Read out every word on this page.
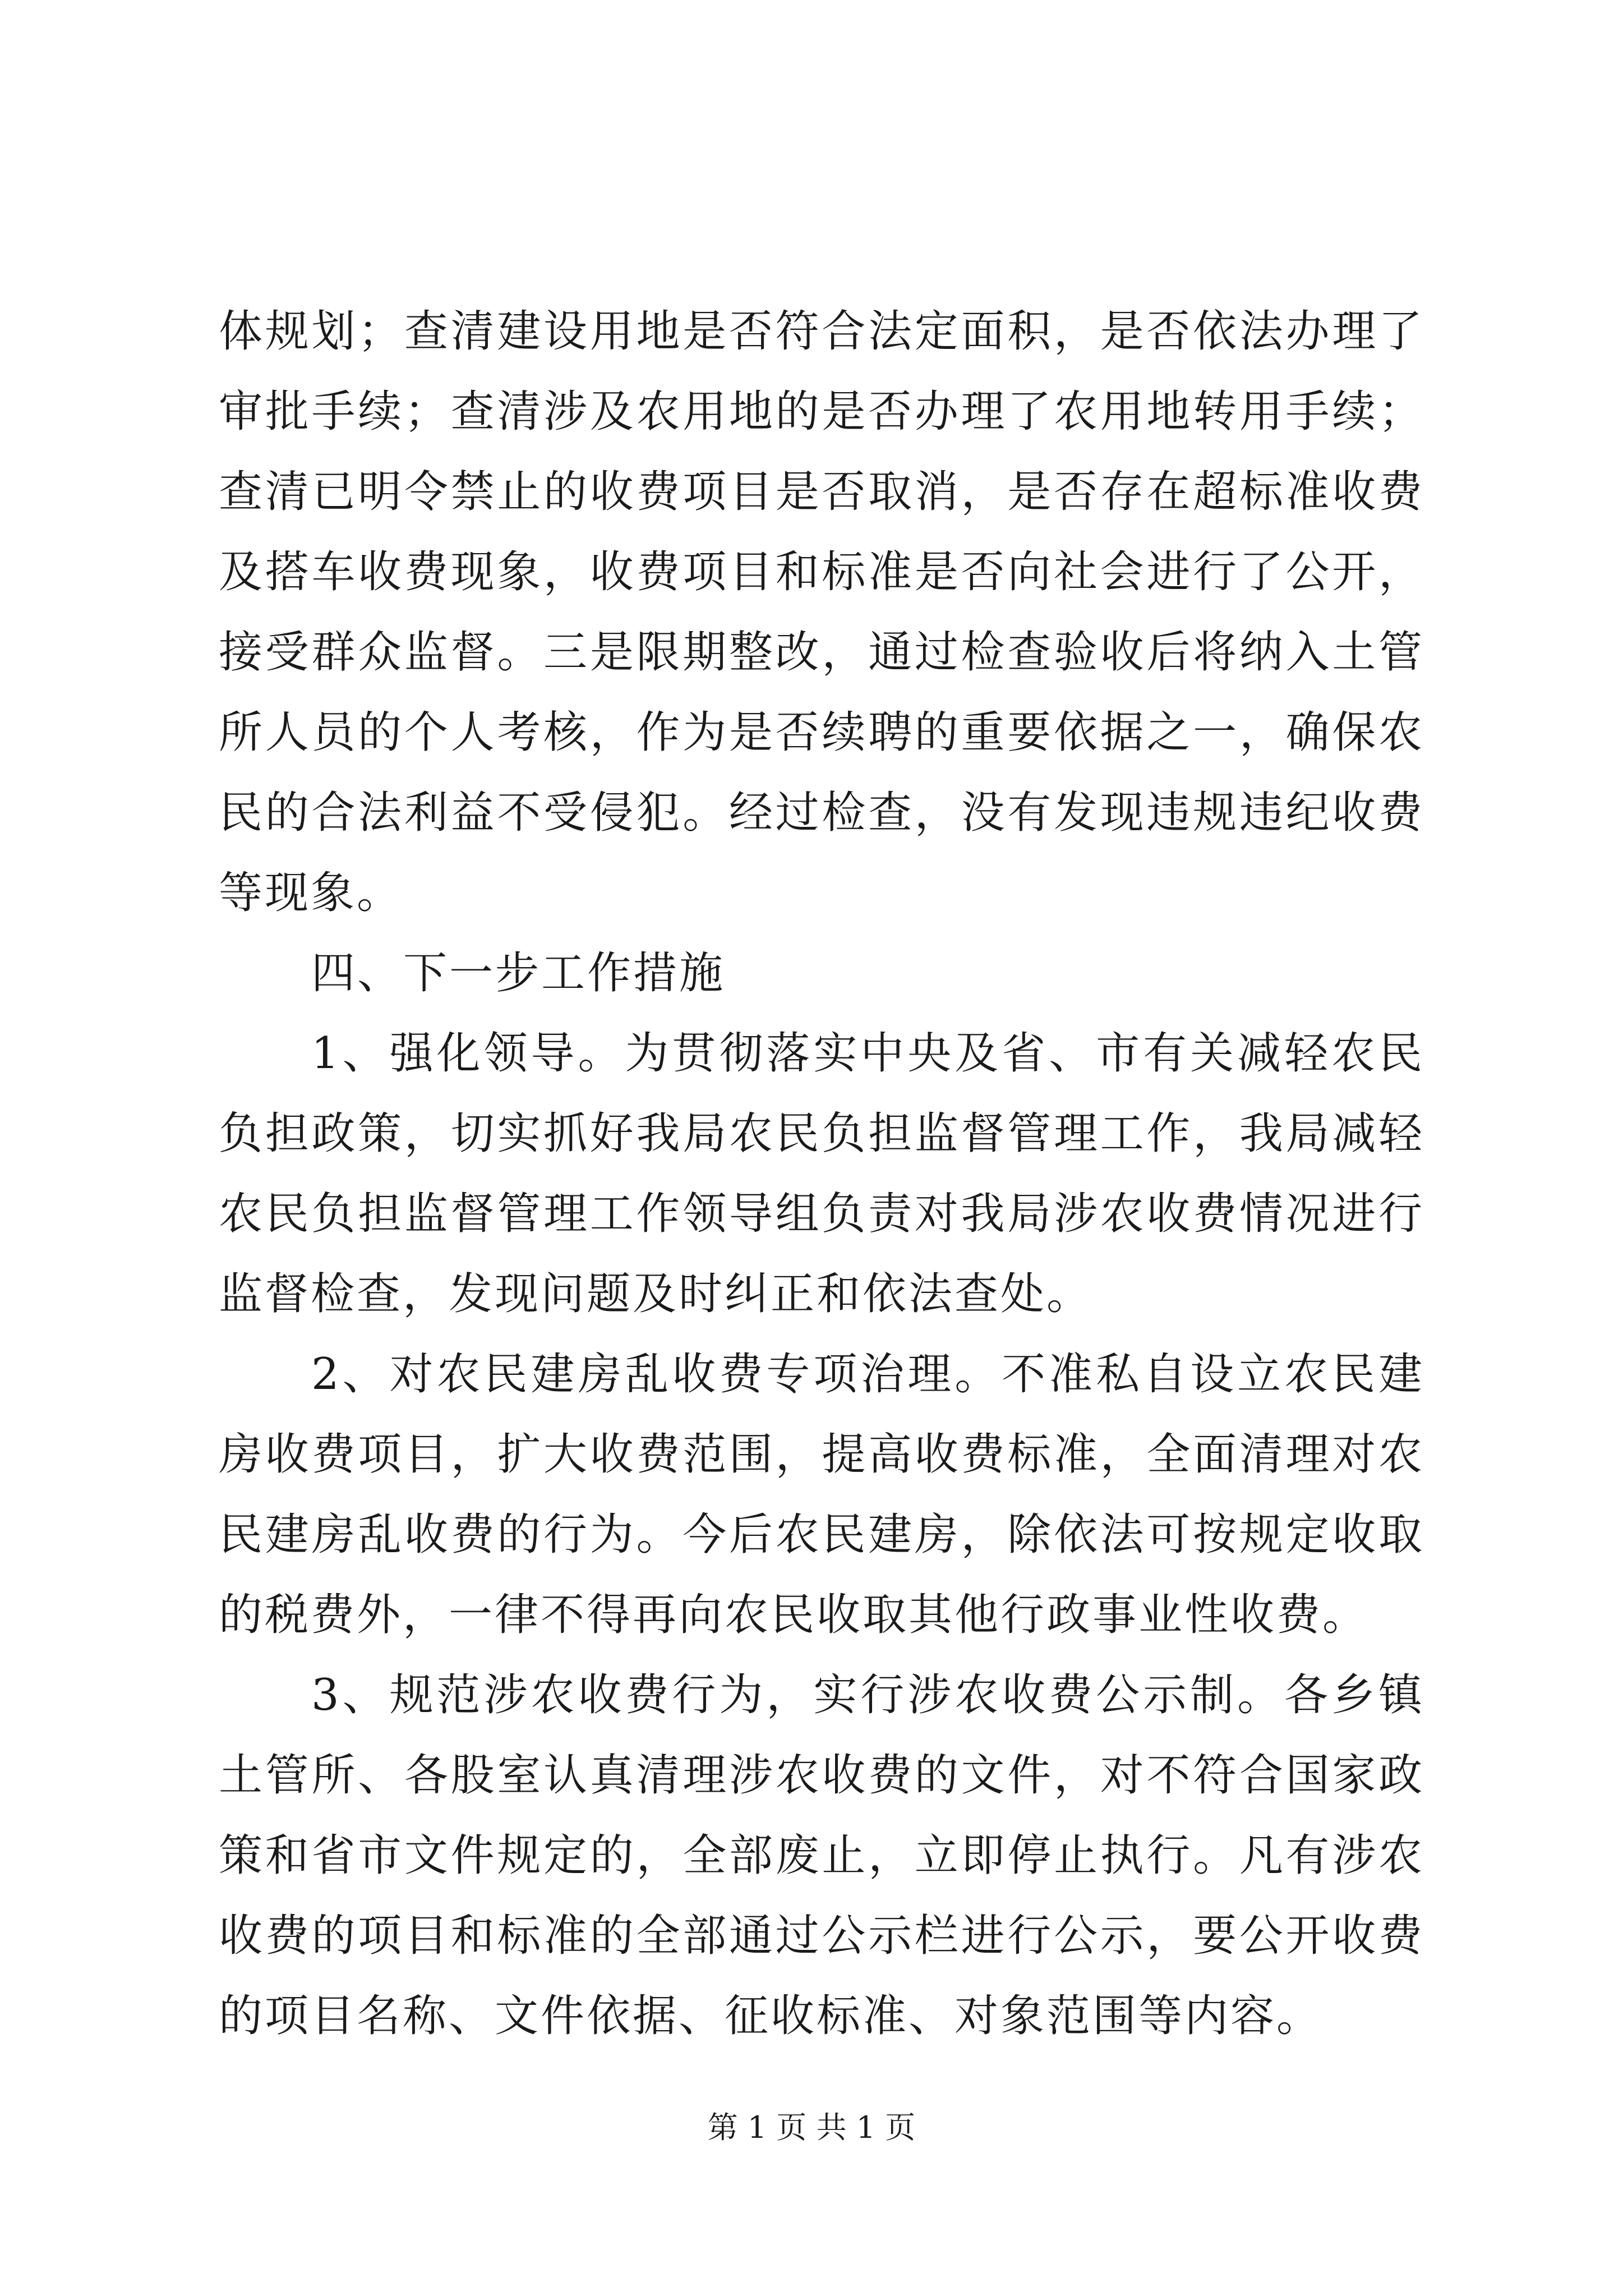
体规划；查清建设用地是否符合法定面积，是否依法办理了审批手续；查清涉及农用地的是否办理了农用地转用手续；查清已明令禁止的收费项目是否取消，是否存在超标准收费及搭车收费现象，收费项目和标准是否向社会进行了公开，接受群众监督。三是限期整改，通过检查验收后将纳入土管所人员的个人考核，作为是否续聘的重要依据之一，确保农民的合法利益不受侵犯。经过检查，没有发现违规违纪收费等现象。

四、下一步工作措施

1、强化领导。为贯彻落实中央及省、市有关减轻农民负担政策，切实抓好我局农民负担监督管理工作，我局减轻农民负担监督管理工作领导组负责对我局涉农收费情况进行监督检查，发现问题及时纠正和依法查处。

2、对农民建房乱收费专项治理。不准私自设立农民建房收费项目，扩大收费范围，提高收费标准，全面清理对农民建房乱收费的行为。今后农民建房，除依法可按规定收取的税费外，一律不得再向农民收取其他行政事业性收费。

3、规范涉农收费行为，实行涉农收费公示制。各乡镇土管所、各股室认真清理涉农收费的文件，对不符合国家政策和省市文件规定的，全部废止，立即停止执行。凡有涉农收费的项目和标准的全部通过公示栏进行公示，要公开收费的项目名称、文件依据、征收标准、对象范围等内容。

第 1 页 共 1 页
